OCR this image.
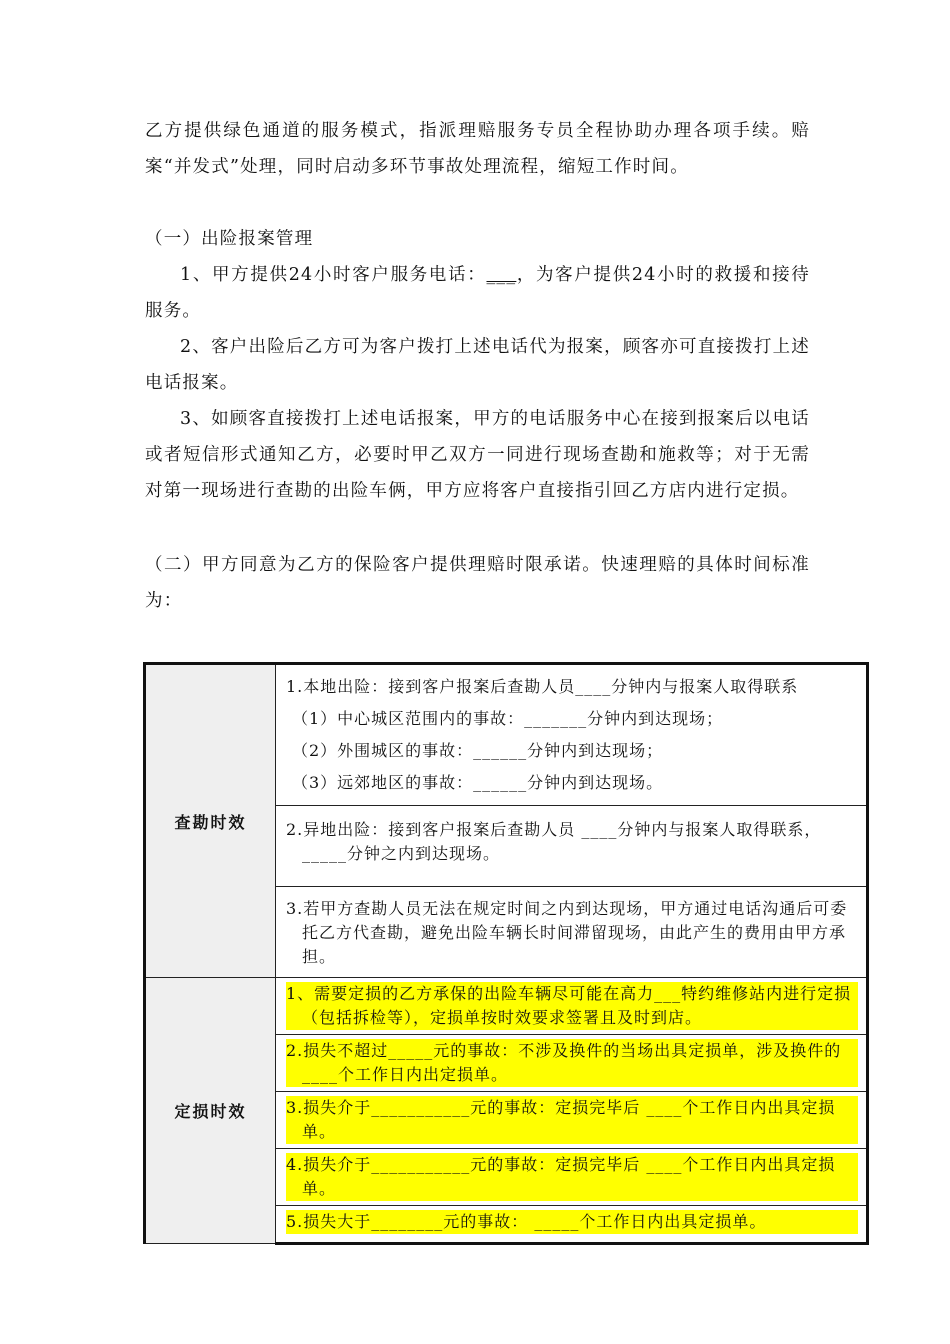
乙方提供绿色通道的服务模式，指派理赔服务专员全程协助办理各项手续。赔案“并发式”处理，同时启动多环节事故处理流程，缩短工作时间。
（一）出险报案管理
1、甲方提供24小时客户服务电话：___，为客户提供24小时的救援和接待服务。
2、客户出险后乙方可为客户拨打上述电话代为报案，顾客亦可直接拨打上述电话报案。
3、如顾客直接拨打上述电话报案，甲方的电话服务中心在接到报案后以电话或者短信形式通知乙方，必要时甲乙双方一同进行现场查勘和施救等；对于无需对第一现场进行查勘的出险车俩，甲方应将客户直接指引回乙方店内进行定损。
（二）甲方同意为乙方的保险客户提供理赔时限承诺。快速理赔的具体时间标准为：
查勘时效	1.本地出险：接到客户报案后查勘人员____分钟内与报案人取得联系
（1）中心城区范围内的事故：_______分钟内到达现场；
（2）外围城区的事故：______分钟内到达现场；
（3）远郊地区的事故：______分钟内到达现场。

	2.异地出险：接到客户报案后查勘人员 ____分钟内与报案人取得联系， _____分钟之内到达现场。

	3.若甲方查勘人员无法在规定时间之内到达现场，甲方通过电话沟通后可委托乙方代查勘，避免出险车辆长时间滞留现场，由此产生的费用由甲方承担。

定损时效	1、需要定损的乙方承保的出险车辆尽可能在高力___特约维修站内进行定损（包括拆检等），定损单按时效要求签署且及时到店。

	2.损失不超过_____元的事故：不涉及换件的当场出具定损单，涉及换件的____个工作日内出定损单。

	3.损失介于___________元的事故：定损完毕后 ____个工作日内出具定损单。

	4.损失介于___________元的事故：定损完毕后 ____个工作日内出具定损单。

	5.损失大于________元的事故： _____个工作日内出具定损单。
